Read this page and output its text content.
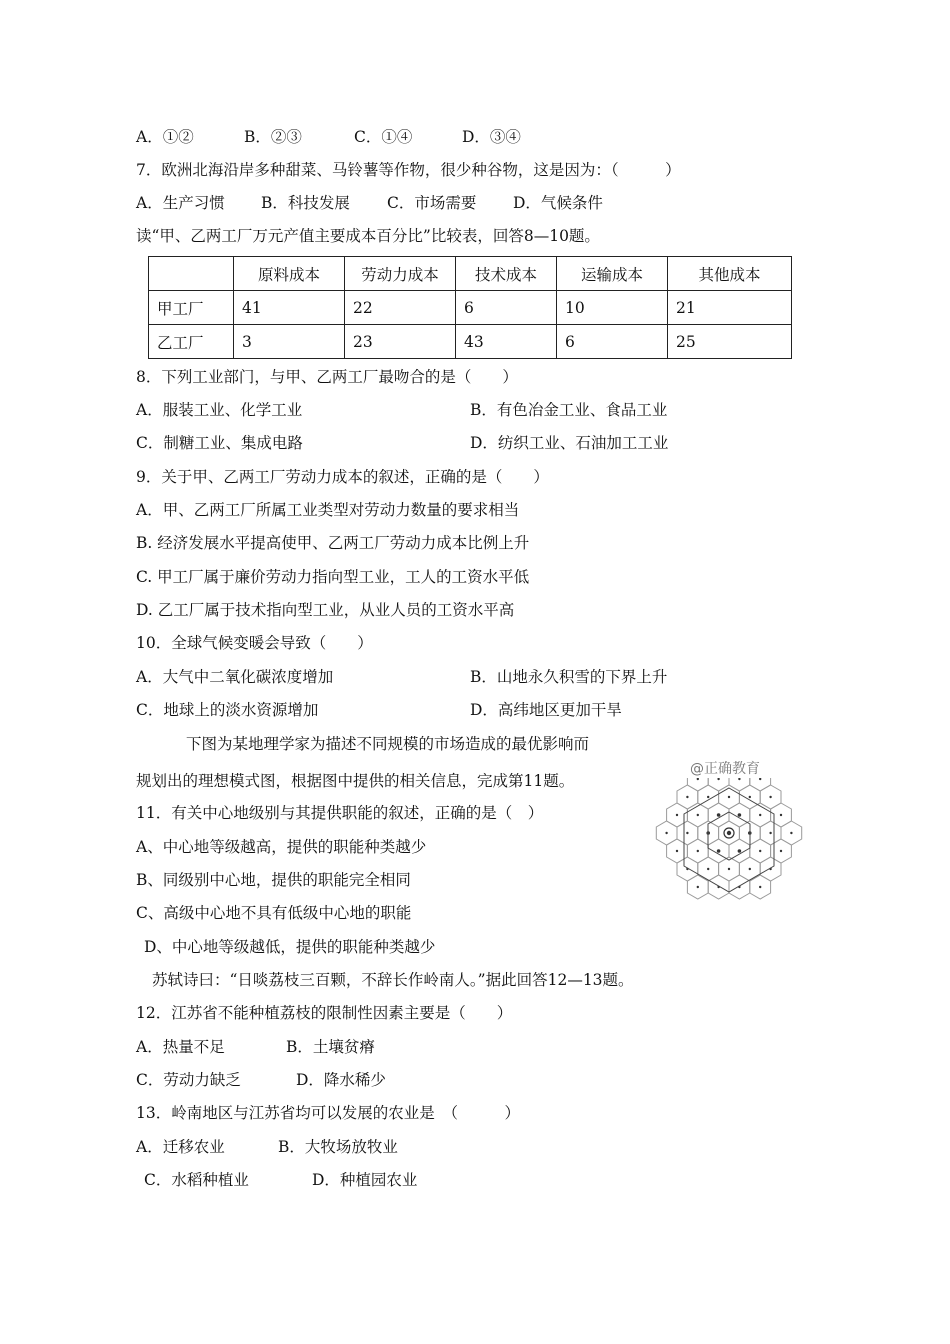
A．①②	B．②③	C．①④	D．③④
7．欧洲北海沿岸多种甜菜、马铃薯等作物，很少种谷物，这是因为：（　　　）
A．生产习惯 B．科技发展 C．市场需要 D．气候条件
读“甲、乙两工厂万元产值主要成本百分比”比较表，回答8—10题。
	原料成本	劳动力成本	技术成本	运输成本	其他成本
甲工厂	41	22	6	10	21
乙工厂	3	23	43	6	25
8．下列工业部门，与甲、乙两工厂最吻合的是（　　）
A．服装工业、化学工业	B．有色冶金工业、食品工业
C．制糖工业、集成电路	D．纺织工业、石油加工工业
9．关于甲、乙两工厂劳动力成本的叙述，正确的是（　　）
A．甲、乙两工厂所属工业类型对劳动力数量的要求相当
B. 经济发展水平提高使甲、乙两工厂劳动力成本比例上升
C. 甲工厂属于廉价劳动力指向型工业，工人的工资水平低
D. 乙工厂属于技术指向型工业，从业人员的工资水平高
10．全球气候变暖会导致（　　）
A．大气中二氧化碳浓度增加	B．山地永久积雪的下界上升
C．地球上的淡水资源增加	D．高纬地区更加干旱
下图为某地理学家为描述不同规模的市场造成的最优影响而
规划出的理想模式图，根据图中提供的相关信息，完成第11题。
@正确教育
11．有关中心地级别与其提供职能的叙述，正确的是（　）
A、中心地等级越高，提供的职能种类越少
B、同级别中心地，提供的职能完全相同
C、高级中心地不具有低级中心地的职能
D、中心地等级越低，提供的职能种类越少
苏轼诗曰：“日啖荔枝三百颗，不辞长作岭南人。”据此回答12—13题。
12．江苏省不能种植荔枝的限制性因素主要是（　　）
A．热量不足	B．土壤贫瘠
C．劳动力缺乏	D．降水稀少
13．岭南地区与江苏省均可以发展的农业是　（　　　）
A．迁移农业	B．大牧场放牧业
C．水稻种植业	D．种植园农业
